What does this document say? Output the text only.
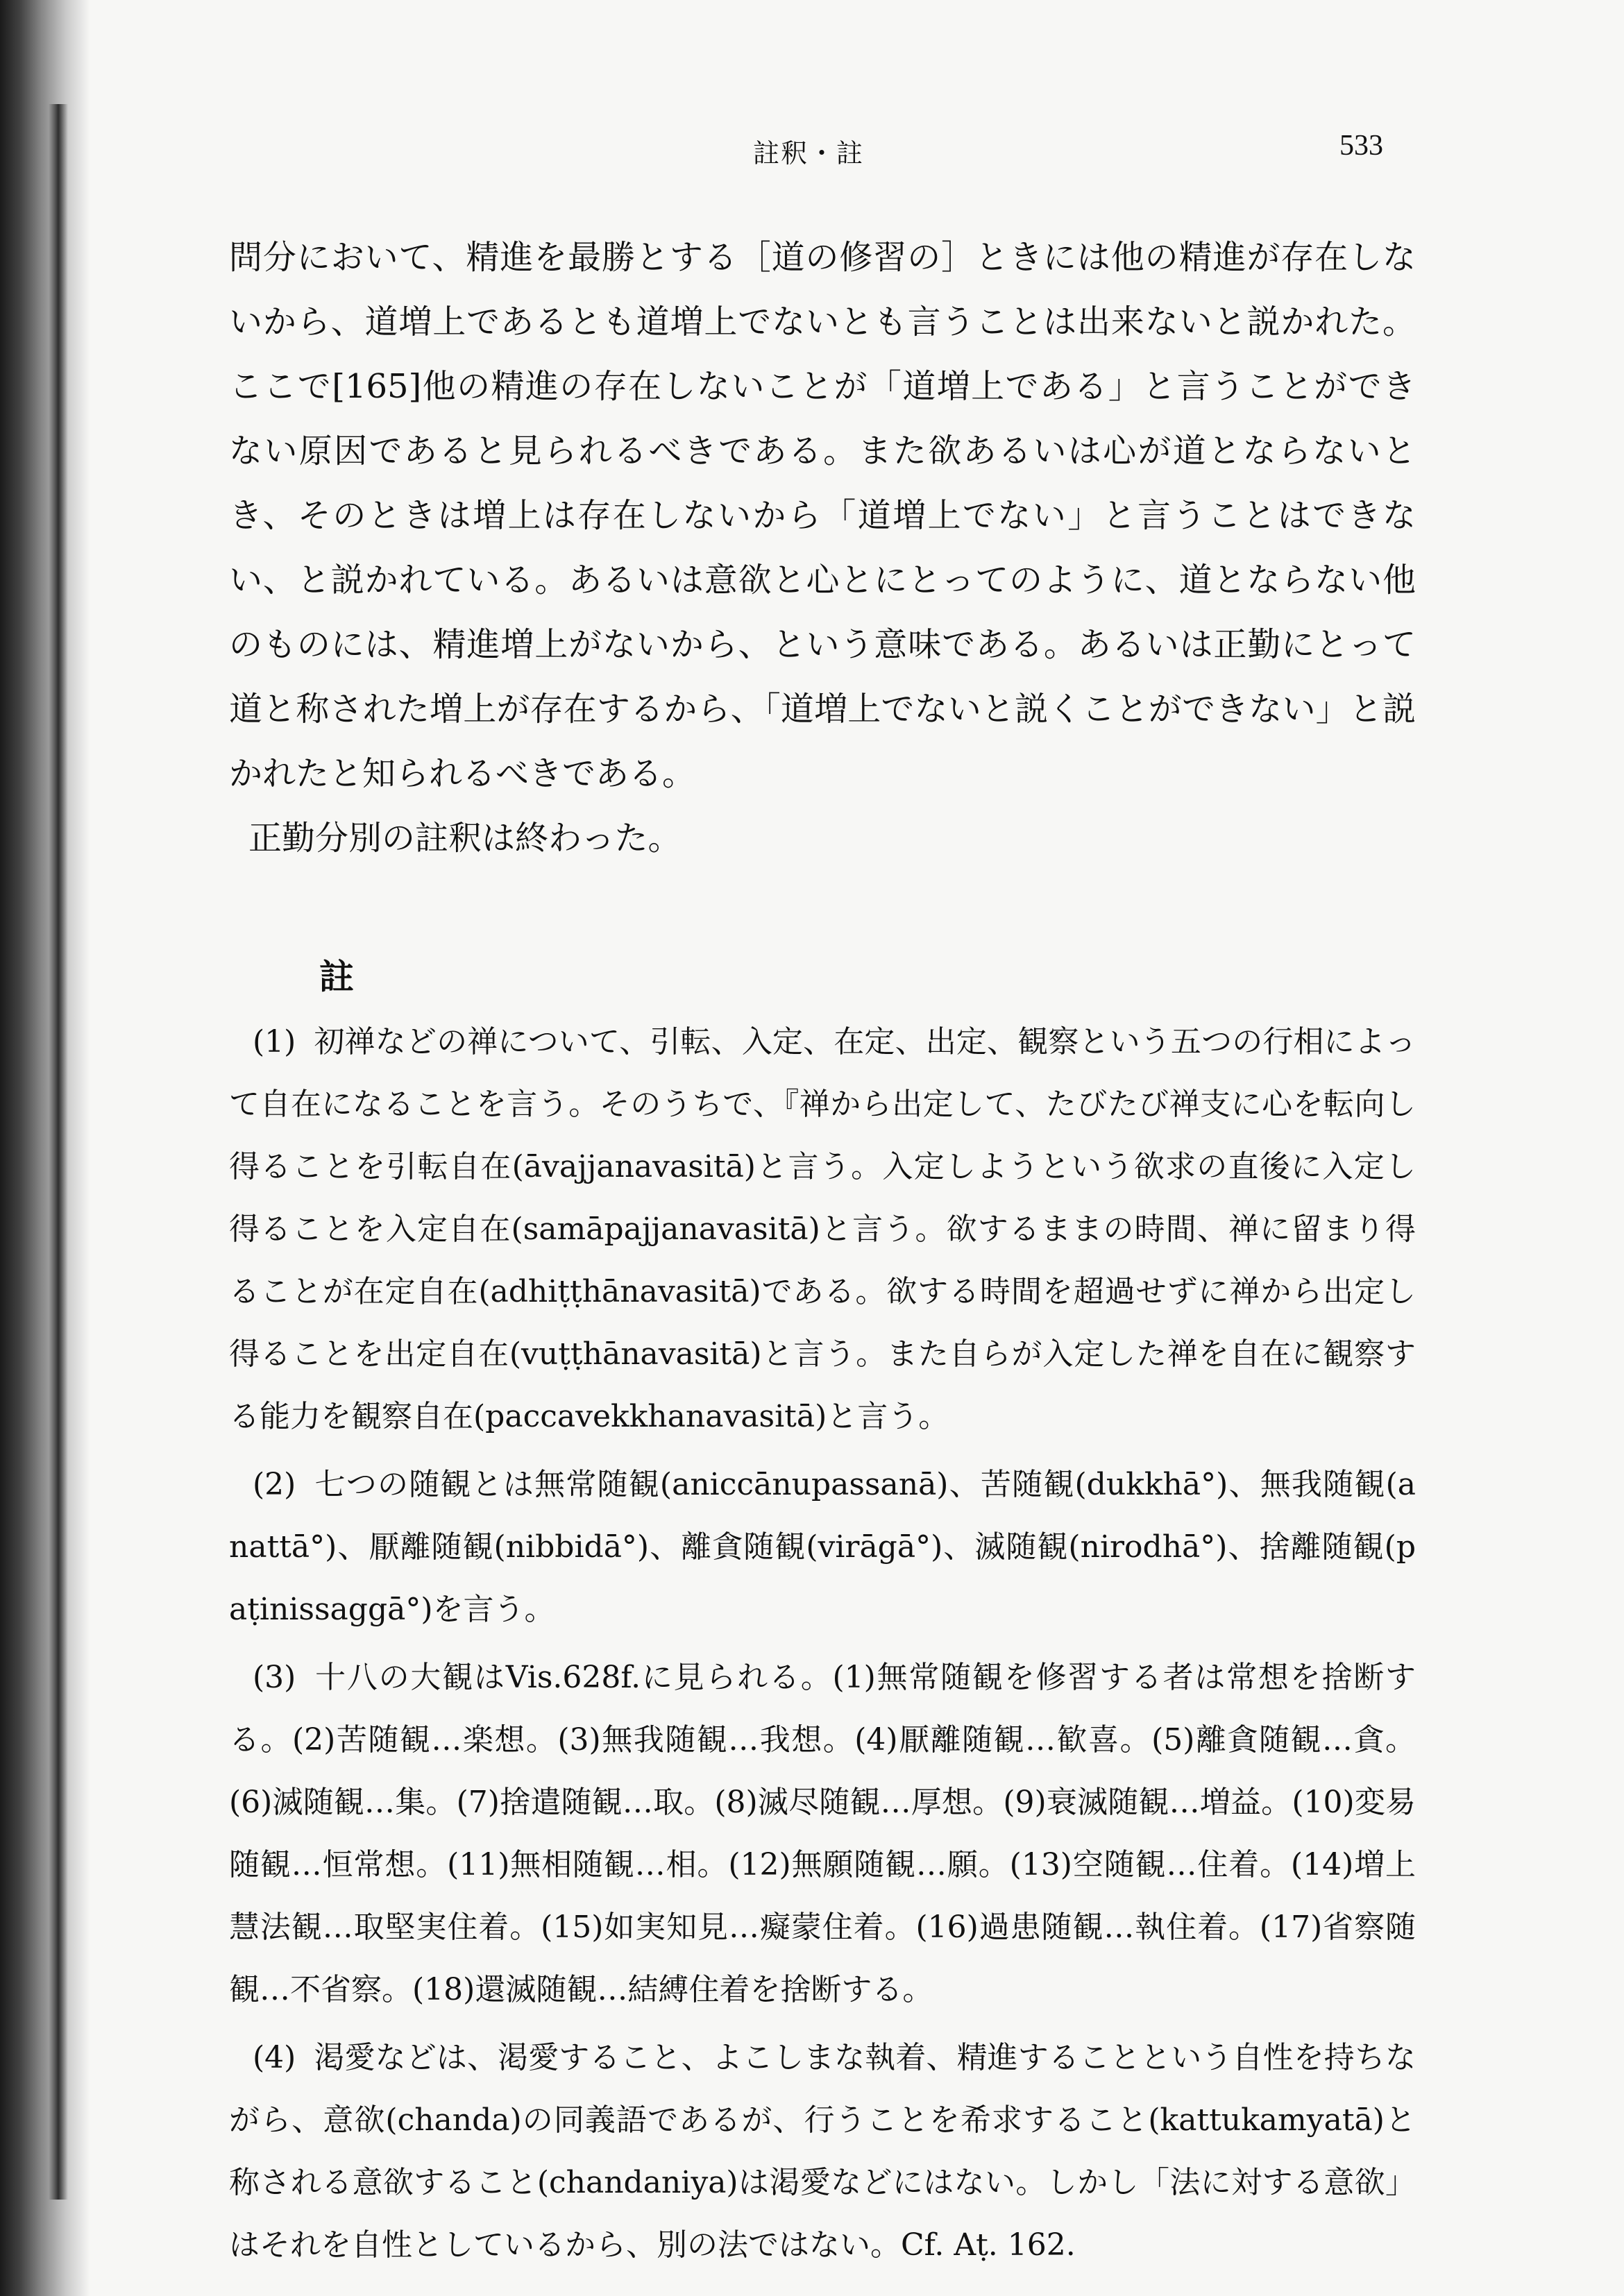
註釈・註	533

問分において、精進を最勝とする［道の修習の］ときには他の精進が存在しないから、道増上であるとも道増上でないとも言うことは出来ないと説かれた。ここで[165]他の精進の存在しないことが「道増上である」と言うことができない原因であると見られるべきである。また欲あるいは心が道とならないとき、そのときは増上は存在しないから「道増上でない」と言うことはできない、と説かれている。あるいは意欲と心とにとってのように、道とならない他のものには、精進増上がないから、という意味である。あるいは正勤にとって道と称された増上が存在するから、「道増上でないと説くことができない」と説かれたと知られるべきである。

正勤分別の註釈は終わった。

註

(1) 初禅などの禅について、引転、入定、在定、出定、観察という五つの行相によって自在になることを言う。そのうちで、『禅から出定して、たびたび禅支に心を転向し得ることを引転自在(āvajjanavasitā)と言う。入定しようという欲求の直後に入定し得ることを入定自在(samāpajjanavasitā)と言う。欲するままの時間、禅に留まり得ることが在定自在(adhiṭṭhānavasitā)である。欲する時間を超過せずに禅から出定し得ることを出定自在(vuṭṭhānavasitā)と言う。また自らが入定した禅を自在に観察する能力を観察自在(paccavekkhanavasitā)と言う。

(2) 七つの随観とは無常随観(aniccānupassanā)、苦随観(dukkhā°)、無我随観(anattā°)、厭離随観(nibbidā°)、離貪随観(virāgā°)、滅随観(nirodhā°)、捨離随観(paṭinissaggā°)を言う。

(3) 十八の大観はVis.628f.に見られる。(1)無常随観を修習する者は常想を捨断する。(2)苦随観…楽想。(3)無我随観…我想。(4)厭離随観…歓喜。(5)離貪随観…貪。(6)滅随観…集。(7)捨遣随観…取。(8)滅尽随観…厚想。(9)衰滅随観…増益。(10)変易随観…恒常想。(11)無相随観…相。(12)無願随観…願。(13)空随観…住着。(14)増上慧法観…取堅実住着。(15)如実知見…癡蒙住着。(16)過患随観…執住着。(17)省察随観…不省察。(18)還滅随観…結縛住着を捨断する。

(4) 渇愛などは、渇愛すること、よこしまな執着、精進することという自性を持ちながら、意欲(chanda)の同義語であるが、行うことを希求すること(kattukamyatā)と称される意欲すること(chandaniya)は渇愛などにはない。しかし「法に対する意欲」はそれを自性としているから、別の法ではない。Cf. Aṭ. 162.
